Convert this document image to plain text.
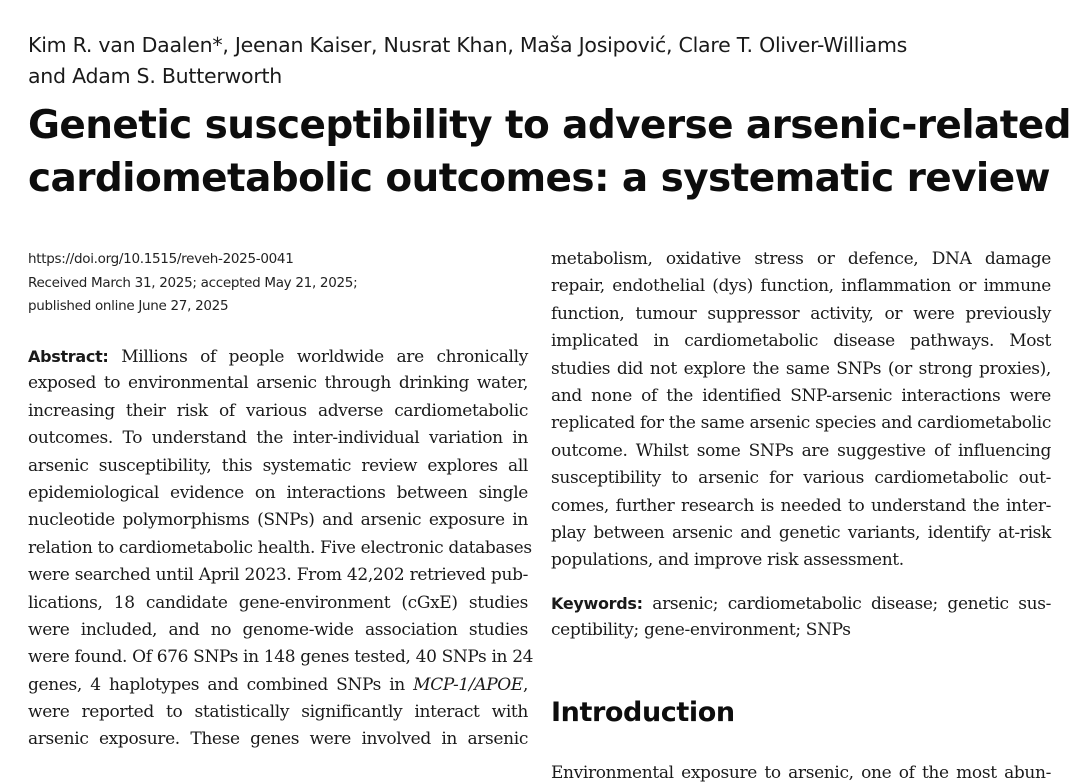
Kim R. van Daalen*, Jeenan Kaiser, Nusrat Khan, Maša Josipović, Clare T. Oliver-Williams
and Adam S. Butterworth
Genetic susceptibility to adverse arsenic-related
cardiometabolic outcomes: a systematic review
https://doi.org/10.1515/reveh-2025-0041
Received March 31, 2025; accepted May 21, 2025;
published online June 27, 2025
Abstract: Millions of people worldwide are chronically
exposed to environmental arsenic through drinking water,
increasing their risk of various adverse cardiometabolic
outcomes. To understand the inter-individual variation in
arsenic susceptibility, this systematic review explores all
epidemiological evidence on interactions between single
nucleotide polymorphisms (SNPs) and arsenic exposure in
relation to cardiometabolic health. Five electronic databases
were searched until April 2023. From 42,202 retrieved pub-
lications, 18 candidate gene-environment (cGxE) studies
were included, and no genome-wide association studies
were found. Of 676 SNPs in 148 genes tested, 40 SNPs in 24
genes, 4 haplotypes and combined SNPs in MCP-1/APOE,
were reported to statistically significantly interact with
arsenic exposure. These genes were involved in arsenic
metabolism, oxidative stress or defence, DNA damage
repair, endothelial (dys) function, inflammation or immune
function, tumour suppressor activity, or were previously
implicated in cardiometabolic disease pathways. Most
studies did not explore the same SNPs (or strong proxies),
and none of the identified SNP-arsenic interactions were
replicated for the same arsenic species and cardiometabolic
outcome. Whilst some SNPs are suggestive of influencing
susceptibility to arsenic for various cardiometabolic out-
comes, further research is needed to understand the inter-
play between arsenic and genetic variants, identify at-risk
populations, and improve risk assessment.
Keywords: arsenic; cardiometabolic disease; genetic sus-
ceptibility; gene-environment; SNPs
Introduction
Environmental exposure to arsenic, one of the most abun-
